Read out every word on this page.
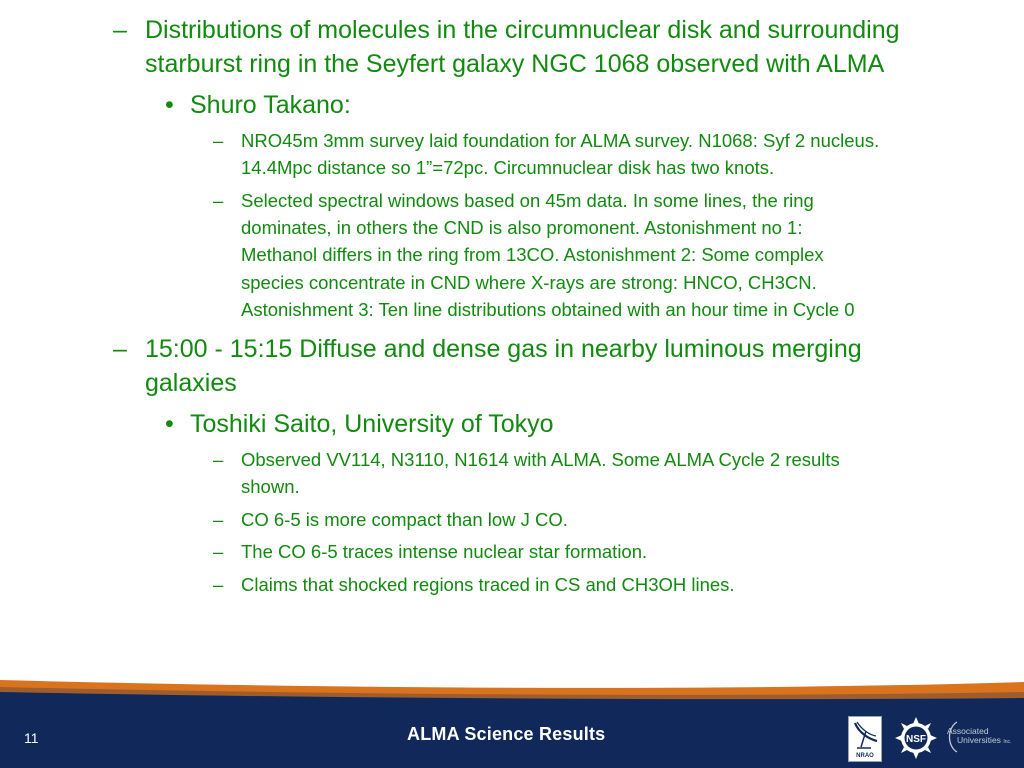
– Distributions of molecules in the circumnuclear disk and surrounding
starburst ring in the Seyfert galaxy NGC 1068 observed with ALMA
• Shuro Takano:
– NRO45m 3mm survey laid foundation for ALMA survey. N1068: Syf 2 nucleus.
14.4Mpc distance so 1”=72pc. Circumnuclear disk has two knots.
– Selected spectral windows based on 45m data. In some lines, the ring
dominates, in others the CND is also promonent. Astonishment no 1:
Methanol differs in the ring from 13CO. Astonishment 2: Some complex
species concentrate in CND where X-rays are strong: HNCO, CH3CN.
Astonishment 3: Ten line distributions obtained with an hour time in Cycle 0
– 15:00 - 15:15 Diffuse and dense gas in nearby luminous merging
galaxies
• Toshiki Saito, University of Tokyo
– Observed VV114, N3110, N1614 with ALMA. Some ALMA Cycle 2 results
shown.
– CO 6-5 is more compact than low J CO.
– The CO 6-5 traces intense nuclear star formation.
– Claims that shocked regions traced in CS and CH3OH lines.
11	ALMA Science Results
NRAO
NSF
Associated
Universities Inc.
